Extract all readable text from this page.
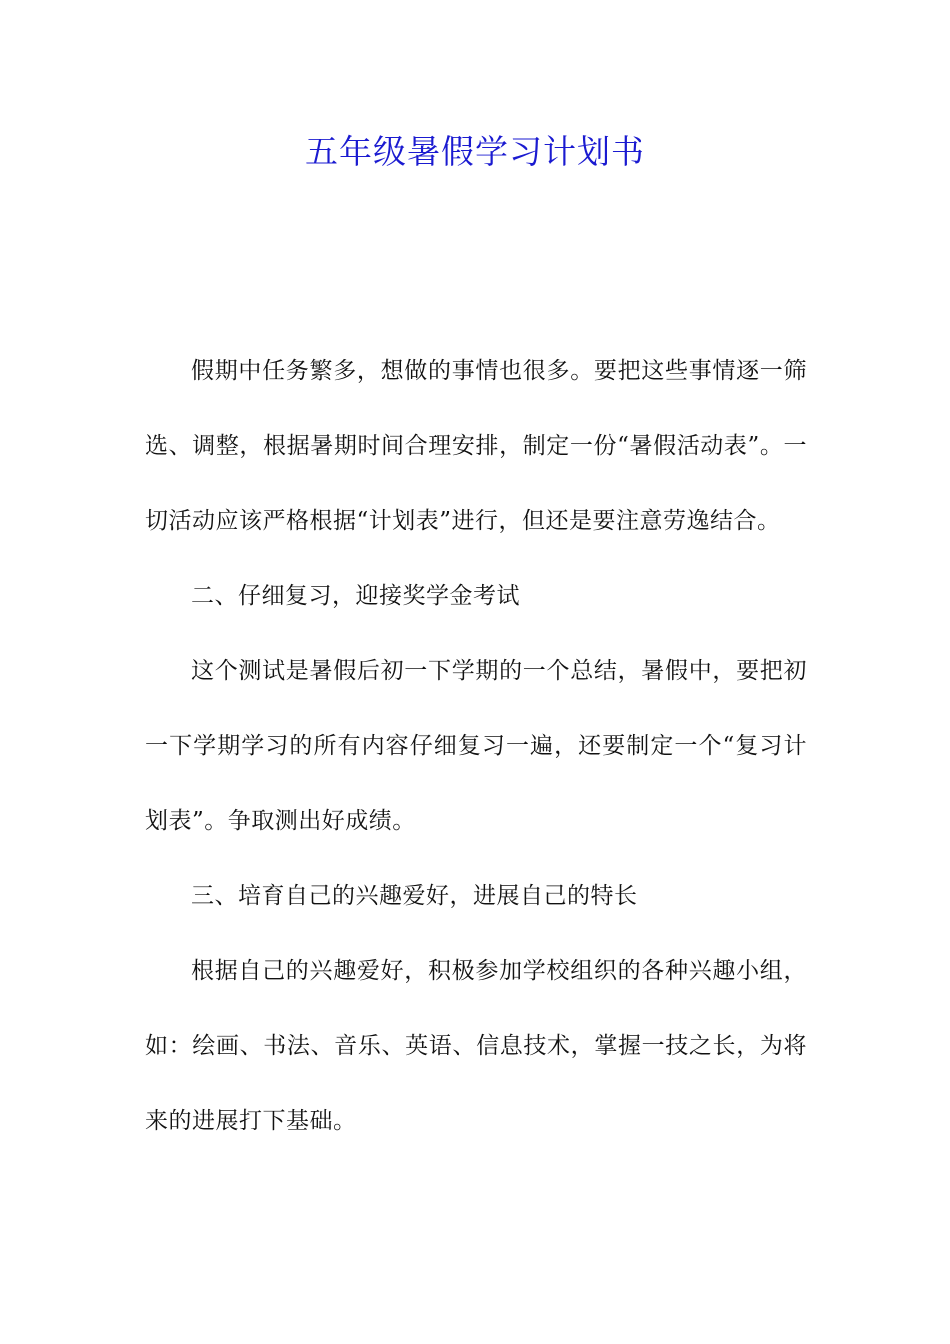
五年级暑假学习计划书

假期中任务繁多，想做的事情也很多。要把这些事情逐一筛选、调整，根据暑期时间合理安排，制定一份“暑假活动表”。一切活动应该严格根据“计划表”进行，但还是要注意劳逸结合。

二、仔细复习，迎接奖学金考试

这个测试是暑假后初一下学期的一个总结，暑假中，要把初一下学期学习的所有内容仔细复习一遍，还要制定一个“复习计划表”。争取测出好成绩。

三、培育自己的兴趣爱好，进展自己的特长

根据自己的兴趣爱好，积极参加学校组织的各种兴趣小组，如：绘画、书法、音乐、英语、信息技术，掌握一技之长，为将来的进展打下基础。
